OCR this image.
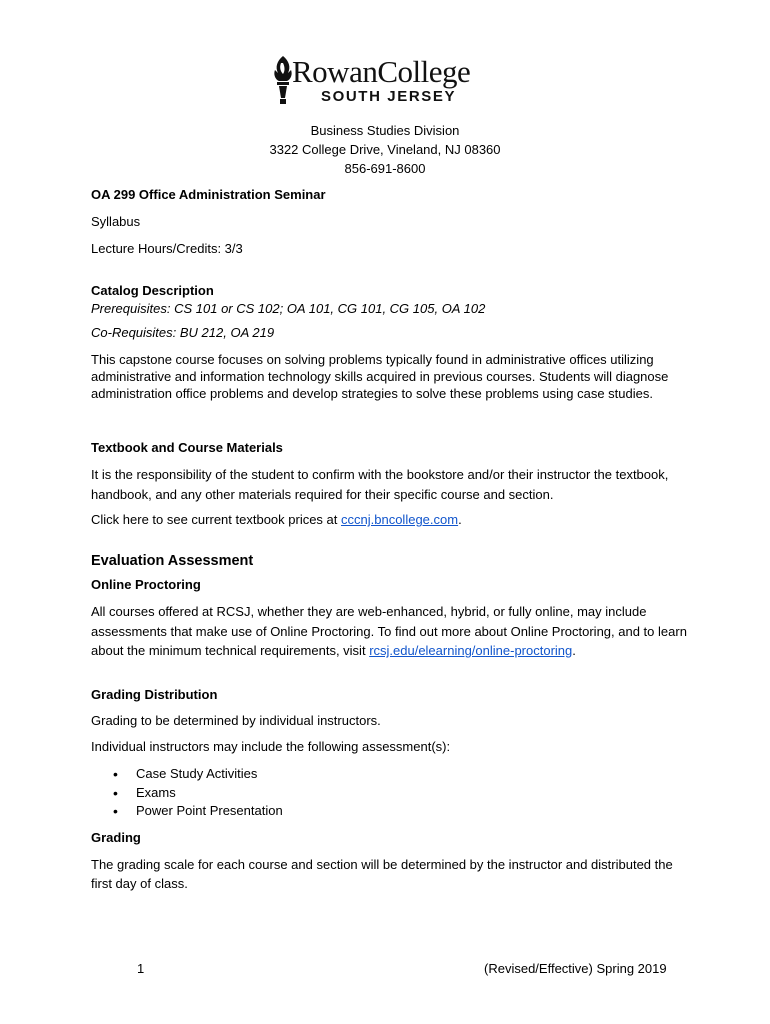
RowanCollege
SOUTH JERSEY
Business Studies Division
3322 College Drive, Vineland, NJ 08360
856-691-8600
OA 299 Office Administration Seminar
Syllabus
Lecture Hours/Credits: 3/3
Catalog Description
Prerequisites: CS 101 or CS 102; OA 101, CG 101, CG 105, OA 102
Co-Requisites: BU 212, OA 219
This capstone course focuses on solving problems typically found in administrative offices utilizing administrative and information technology skills acquired in previous courses. Students will diagnose administration office problems and develop strategies to solve these problems using case studies.
Textbook and Course Materials
It is the responsibility of the student to confirm with the bookstore and/or their instructor the textbook, handbook, and any other materials required for their specific course and section.
Click here to see current textbook prices at cccnj.bncollege.com.
Evaluation Assessment
Online Proctoring
All courses offered at RCSJ, whether they are web-enhanced, hybrid, or fully online, may include assessments that make use of Online Proctoring. To find out more about Online Proctoring, and to learn about the minimum technical requirements, visit rcsj.edu/elearning/online-proctoring.
Grading Distribution
Grading to be determined by individual instructors.
Individual instructors may include the following assessment(s):
• Case Study Activities
• Exams
• Power Point Presentation
Grading
The grading scale for each course and section will be determined by the instructor and distributed the first day of class.
1	(Revised/Effective) Spring 2019
